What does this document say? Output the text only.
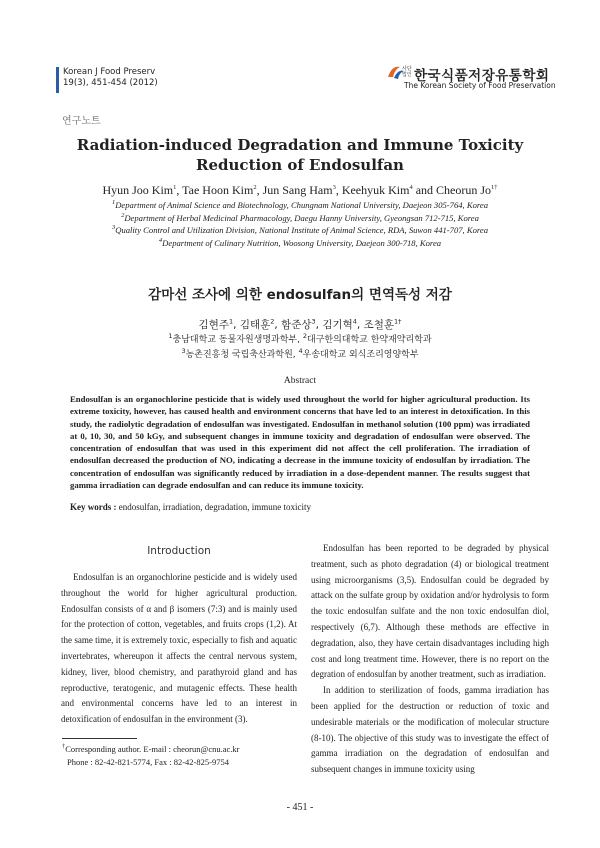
Korean J Food Preserv
19(3), 451-454 (2012)
사단
법인 한국식품저장유통학회
The Korean Society of Food Preservation
연구노트
Radiation-induced Degradation and Immune Toxicity Reduction of Endosulfan
Hyun Joo Kim$^1$, Tae Hoon Kim$^2$, Jun Sang Ham$^3$, Keehyuk Kim$^4$ and Cheorun $Jo^{1\dagger}$
$^1$Department of Animal Science and Biotechnology, Chungnam National University, Daejeon 305-764, Korea
$^2$Department of Herbal Medicinal Pharmacology, Daegu Hanny University, Gyeongsan 712-715, Korea
$^3$Quality Control and Utilization Division, National Institute of Animal Science, RDA, Suwon 441-707, Korea
$^4$Department of Culinary Nutrition, Woosong University, Daejeon 300-718, Korea
감마선 조사에 의한 endosulfan의 면역독성 저감
김현주$^1$, 김태훈$^2$, 함준상$^3$, 김기혁$^4$, 조철훈$^{1\dagger}$
$^1$충남대학교 동물자원생명과학부, $^2$대구한의대학교 한약재약리학과
$^3$농촌진흥청 국립축산과학원, $^4$우송대학교 외식조리영양학부
Abstract
Endosulfan is an organochlorine pesticide that is widely used throughout the world for higher agricultural production. Its extreme toxicity, however, has caused health and environment concerns that have led to an interest in detoxification. In this study, the radiolytic degradation of endosulfan was investigated. Endosulfan in methanol solution (100 ppm) was irradiated at 0, 10, 30, and 50 kGy, and subsequent changes in immune toxicity and degradation of endosulfan were observed. The concentration of endosulfan that was used in this experiment did not affect the cell proliferation. The irradiation of endosulfan decreased the production of NO, indicating a decrease in the immune toxicity of endosulfan by irradiation. The concentration of endosulfan was significantly reduced by irradiation in a dose-dependent manner. The results suggest that gamma irradiation can degrade endosulfan and can reduce its immune toxicity.
Key words : endosulfan, irradiation, degradation, immune toxicity
Introduction

Endosulfan is an organochlorine pesticide and is widely used throughout the world for higher agricultural production. Endosulfan consists of α and β isomers (7:3) and is mainly used for the protection of cotton, vegetables, and fruits crops (1,2). At the same time, it is extremely toxic, especially to fish and aquatic invertebrates, whereupon it affects the central nervous system, kidney, liver, blood chemistry, and parathyroid gland and has reproductive, teratogenic, and mutagenic effects. These health and environmental concerns have led to an interest in detoxification of endosulfan in the environment (3).

Endosulfan has been reported to be degraded by physical treatment, such as photo degradation (4) or biological treatment using microorganisms (3,5). Endosulfan could be degraded by attack on the sulfate group by oxidation and/or hydrolysis to form the toxic endosulfan sulfate and the non toxic endosulfan diol, respectively (6,7). Although these methods are effective in degradation, also, they have certain disadvantages including high cost and long treatment time. However, there is no report on the degration of endosulfan by another treatment, such as irradiation.

In addition to sterilization of foods, gamma irradiation has been applied for the destruction or reduction of toxic and undesirable materials or the modification of molecular structure (8-10). The objective of this study was to investigate the effect of gamma irradiation on the degradation of endosulfan and subsequent changes in immune toxicity using

†Corresponding author. E-mail : cheorun@cnu.ac.kr
Phone : 82-42-821-5774, Fax : 82-42-825-9754
- 451 -
